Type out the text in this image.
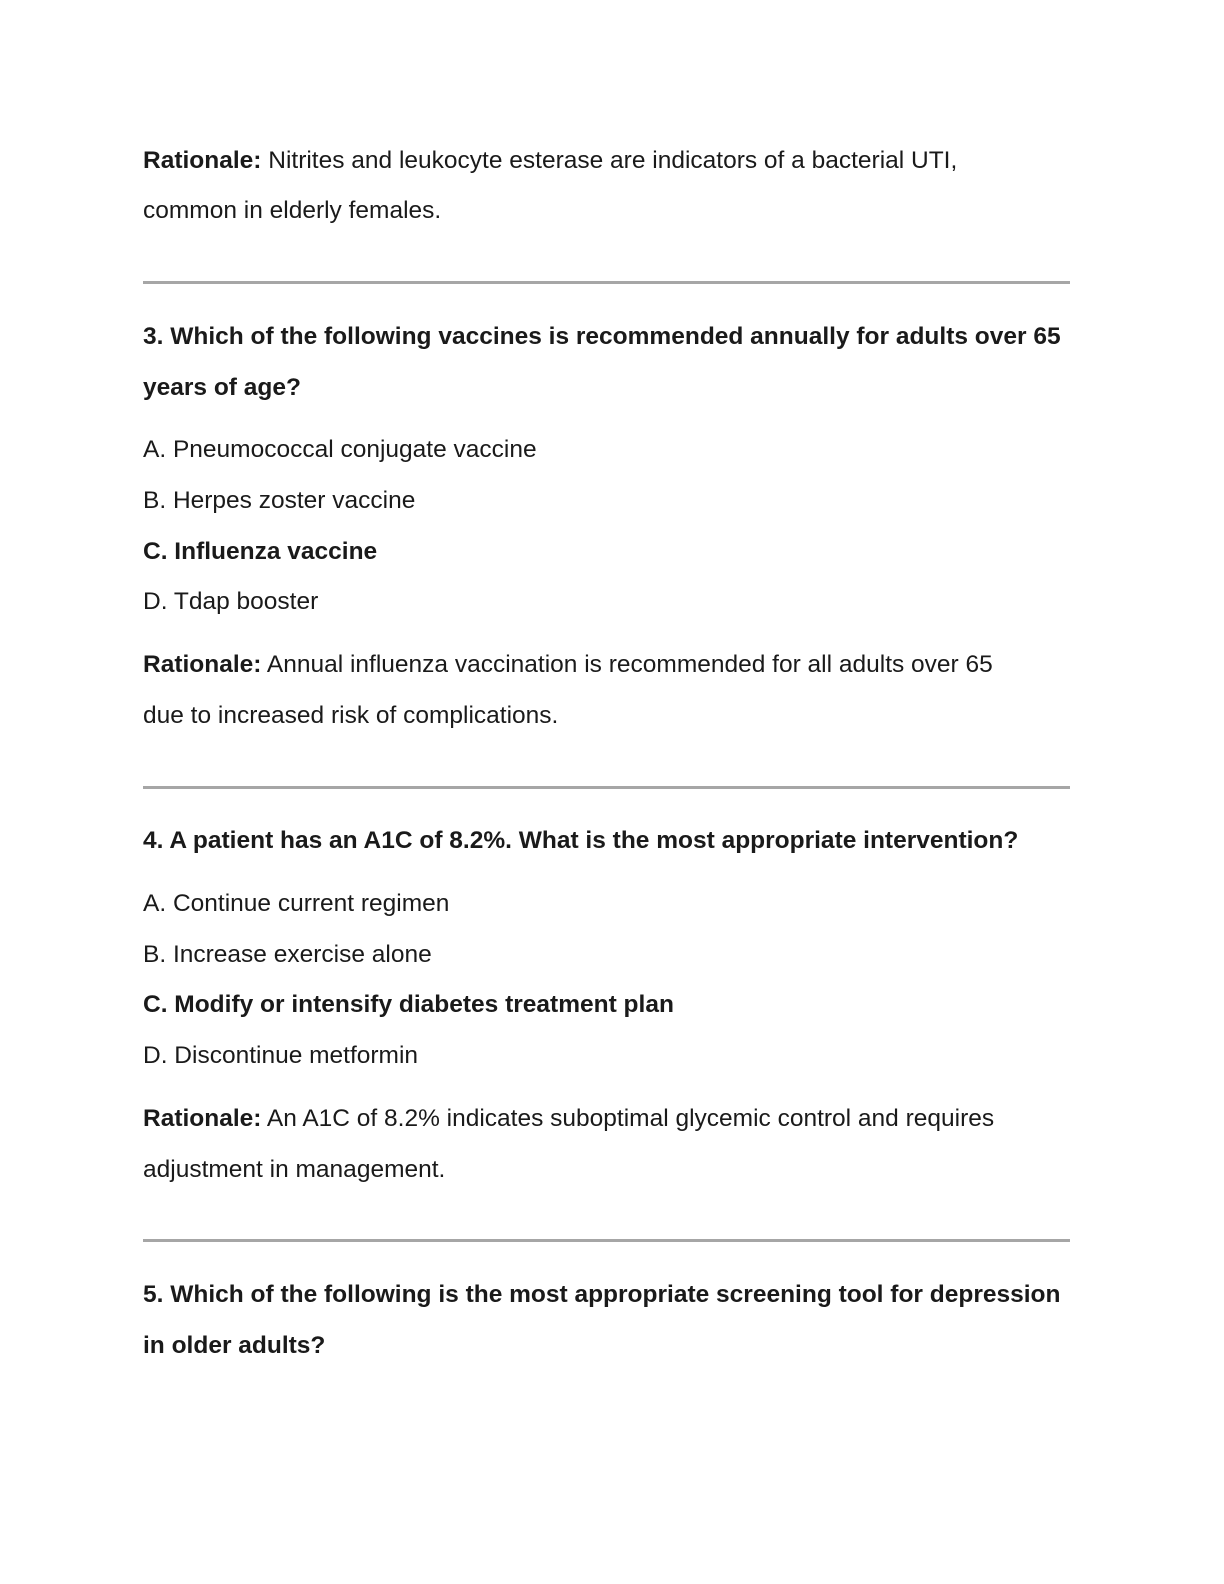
Rationale: Nitrites and leukocyte esterase are indicators of a bacterial UTI,

common in elderly females.

3. Which of the following vaccines is recommended annually for adults over 65

years of age?

A. Pneumococcal conjugate vaccine

B. Herpes zoster vaccine

C. Influenza vaccine

D. Tdap booster

Rationale: Annual influenza vaccination is recommended for all adults over 65

due to increased risk of complications.

4. A patient has an A1C of 8.2%. What is the most appropriate intervention?

A. Continue current regimen

B. Increase exercise alone

C. Modify or intensify diabetes treatment plan

D. Discontinue metformin

Rationale: An A1C of 8.2% indicates suboptimal glycemic control and requires

adjustment in management.

5. Which of the following is the most appropriate screening tool for depression

in older adults?
